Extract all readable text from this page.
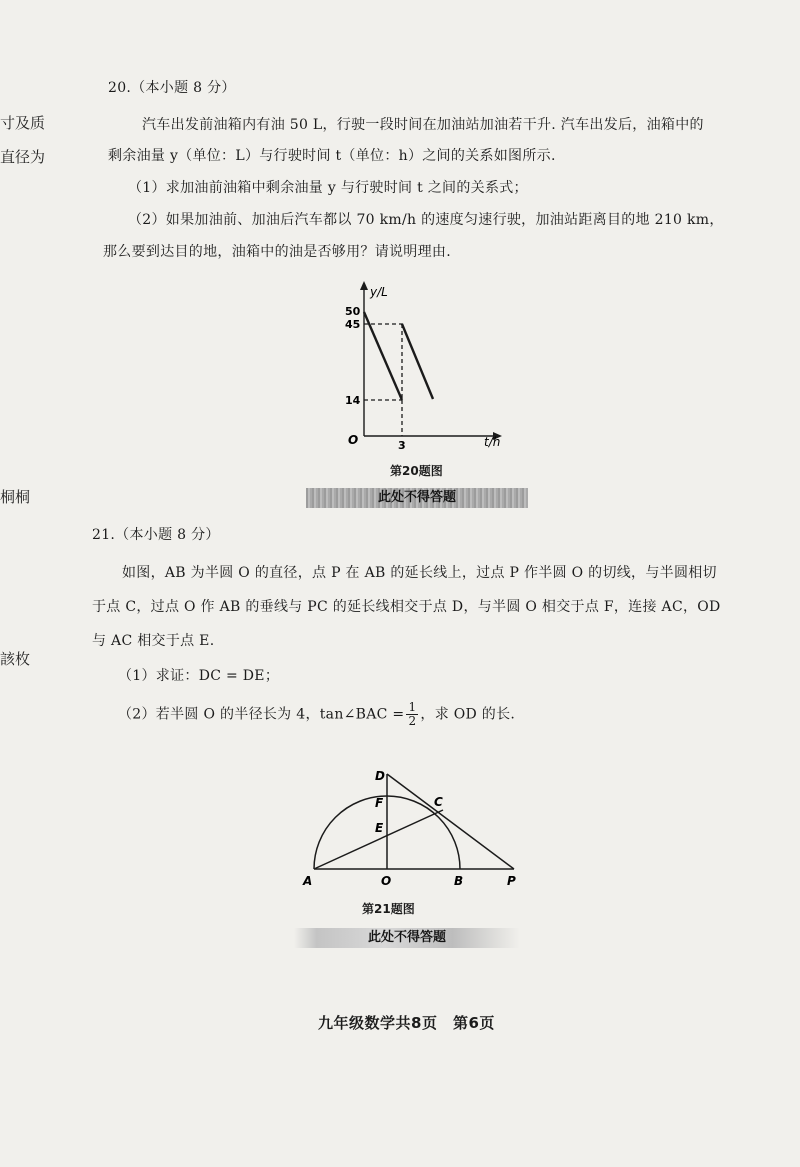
寸及质
直径为
桐桐
該枚
20.（本小题 8 分）
汽车出发前油箱内有油 50 L，行驶一段时间在加油站加油若干升. 汽车出发后，油箱中的
剩余油量 y（单位：L）与行驶时间 t（单位：h）之间的关系如图所示.
（1）求加油前油箱中剩余油量 y 与行驶时间 t 之间的关系式；
（2）如果加油前、加油后汽车都以 70 km/h 的速度匀速行驶，加油站距离目的地 210 km，
那么要到达目的地，油箱中的油是否够用？请说明理由.
y/L
t/h
O
50
45
14
3
第20题图
此处不得答题
21.（本小题 8 分）
如图，AB 为半圆 O 的直径，点 P 在 AB 的延长线上，过点 P 作半圆 O 的切线，与半圆相切
于点 C，过点 O 作 AB 的垂线与 PC 的延长线相交于点 D，与半圆 O 相交于点 F，连接 AC，OD
与 AC 相交于点 E.
（1）求证：DC = DE；
（2）若半圆 O 的半径长为 4，tan∠BAC = $\frac{1}{2}$ ，求 OD 的长.
A	O	B	P
C
D
E
F
第21题图
此处不得答题
九年级数学共8页　第6页
